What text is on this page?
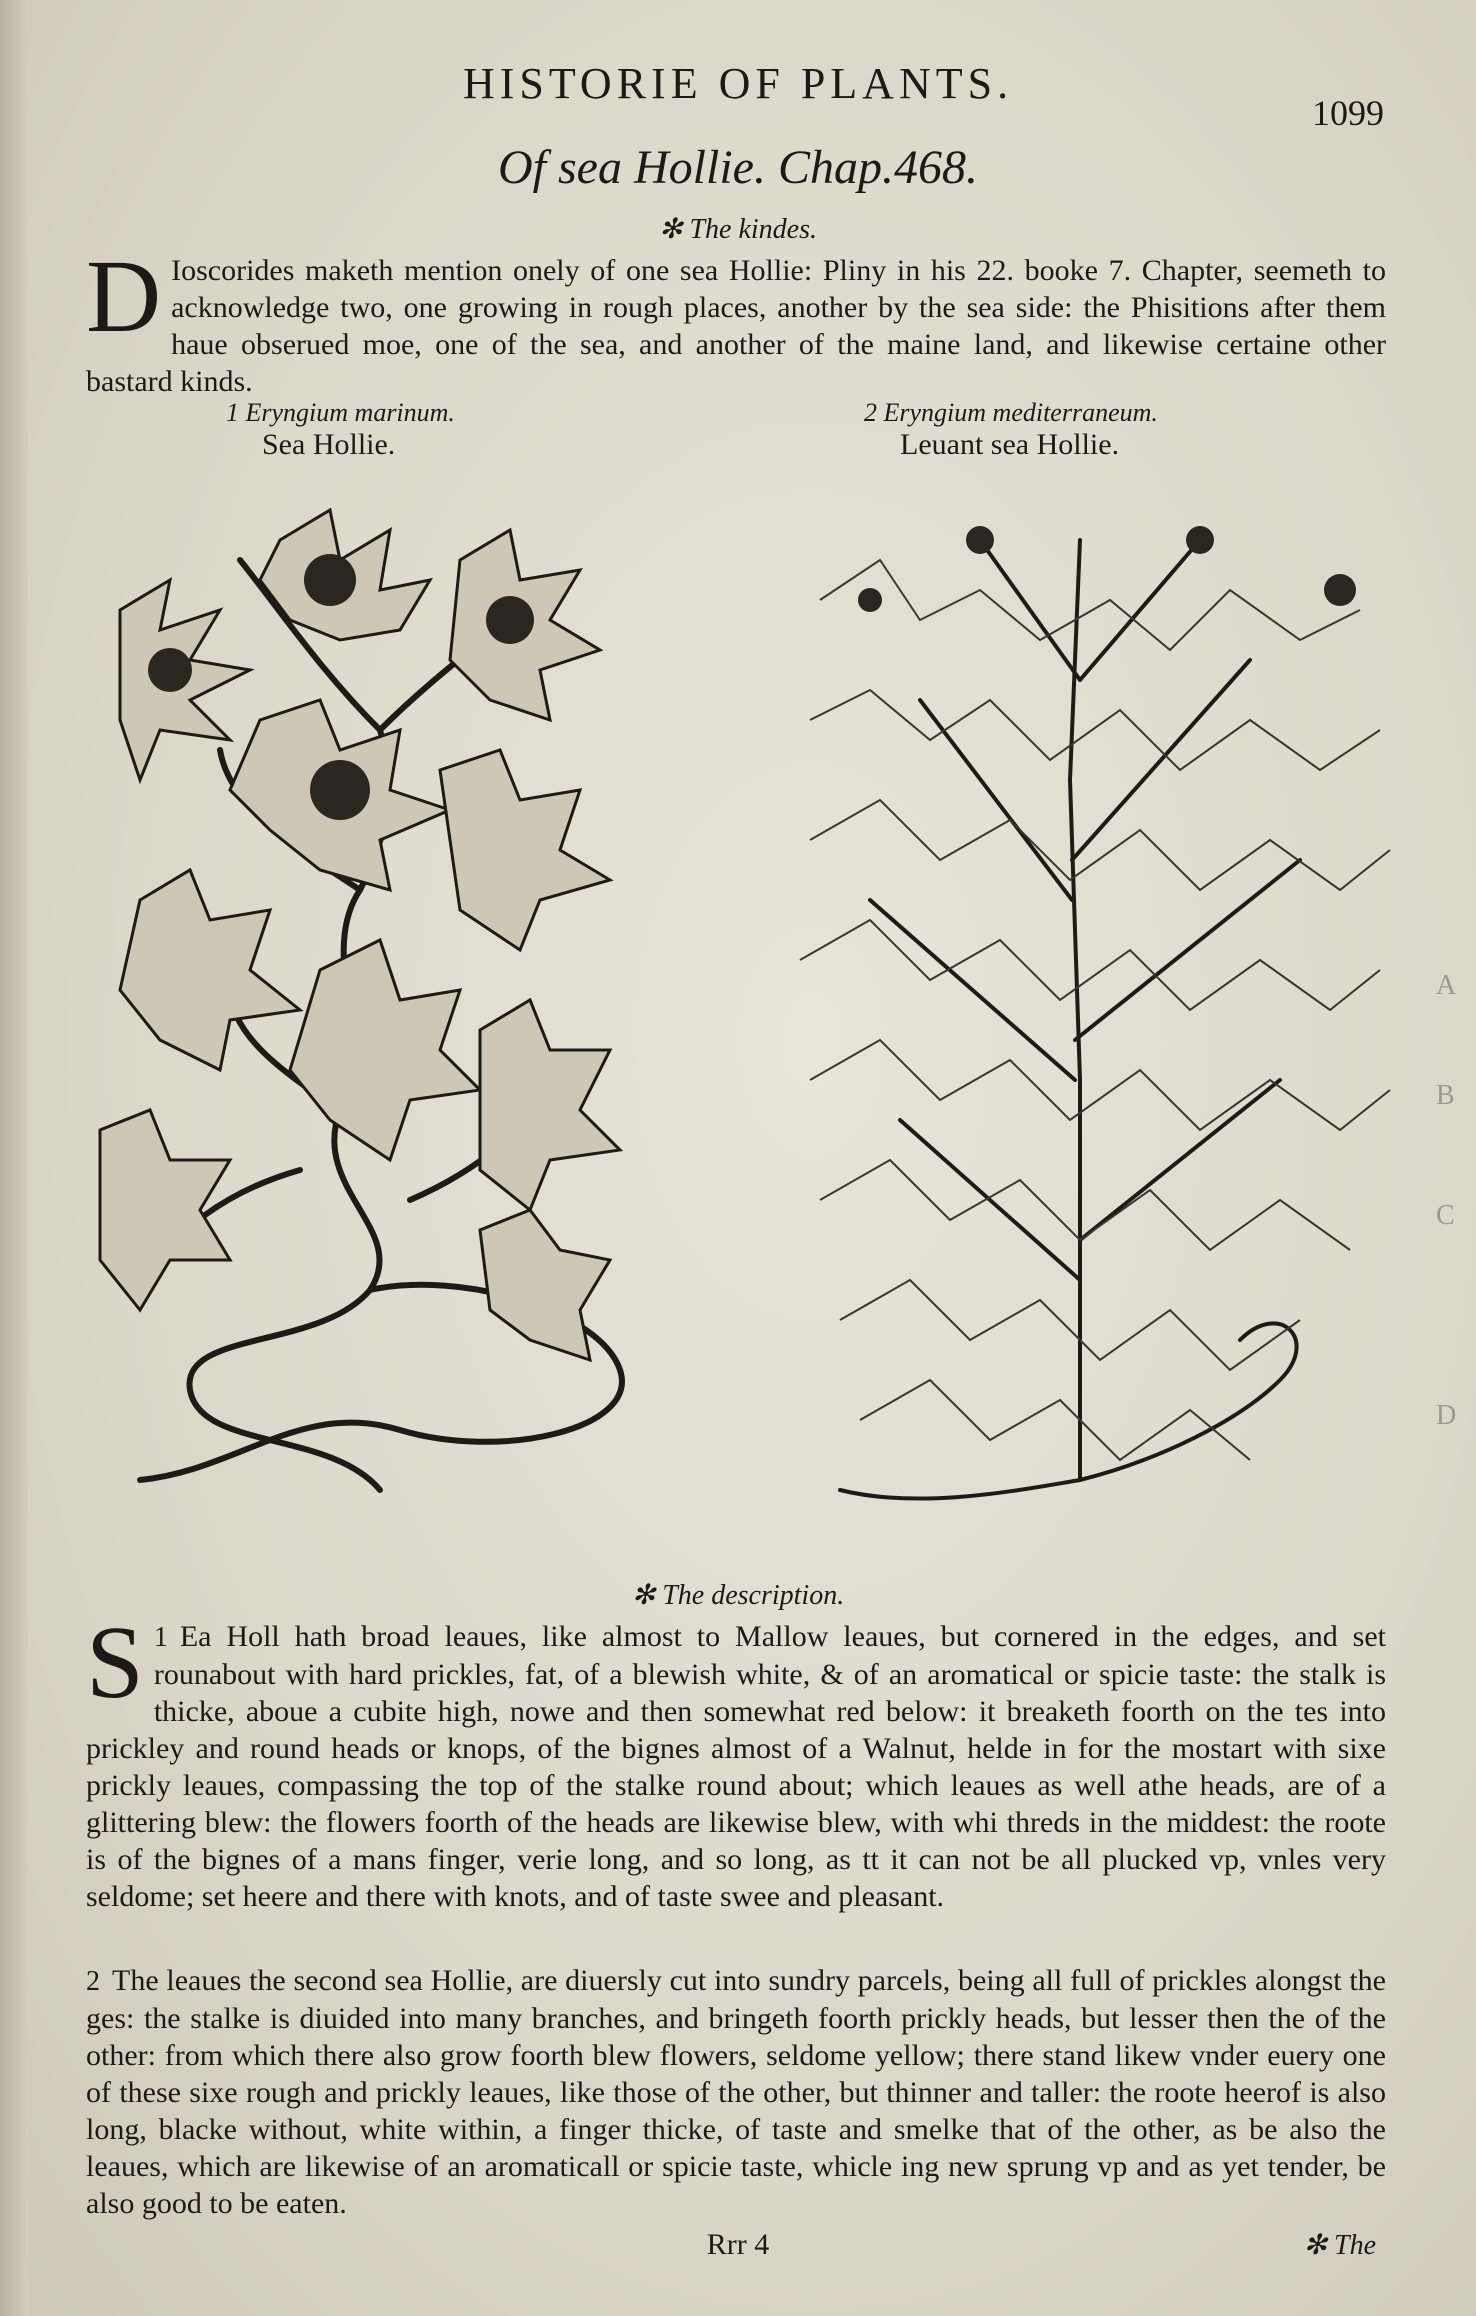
HISTORIE OF PLANTS.
1099
Of sea Hollie. Chap.468.
✻ The kindes.

D Ioscorides maketh mention onely of one sea Hollie: Pliny in his 22. booke 7. Chapter, seemeth to acknowledge two, one growing in rough places, another by the sea side: the Phisitions after them haue obserued moe, one of the sea, and another of the maine land, and likewise certaine other bastard kinds.

1 Eryngium marinum.
Sea Hollie.
2 Eryngium mediterraneum.
Leuant sea Hollie.
✻ The description.

1
S Ea Holl hath broad leaues, like almost to Mallow leaues, but cornered in the edges, and set rounabout with hard prickles, fat, of a blewish white, & of an aromatical or spicie taste: the stalk is thicke, aboue a cubite high, nowe and then somewhat red below: it breaketh foorth on the tes into prickley and round heads or knops, of the bignes almost of a Walnut, helde in for the mostart with sixe prickly leaues, compassing the top of the stalke round about; which leaues as well athe heads, are of a glittering blew: the flowers foorth of the heads are likewise blew, with whi threds in the middest: the roote is of the bignes of a mans finger, verie long, and so long, as tt it can not be all plucked vp, vnles very seldome; set heere and there with knots, and of taste swee and pleasant.

2 The leaues the second sea Hollie, are diuersly cut into sundry parcels, being all full of prickles alongst the ges: the stalke is diuided into many branches, and bringeth foorth prickly heads, but lesser then the of the other: from which there also grow foorth blew flowers, seldome yellow; there stand likew vnder euery one of these sixe rough and prickly leaues, like those of the other, but thinner and taller: the roote heerof is also long, blacke without, white within, a finger thicke, of taste and smelke that of the other, as be also the leaues, which are likewise of an aromaticall or spicie taste, whicle ing new sprung vp and as yet tender, be also good to be eaten.

Rrr 4	✻ The
A
B
C
D
